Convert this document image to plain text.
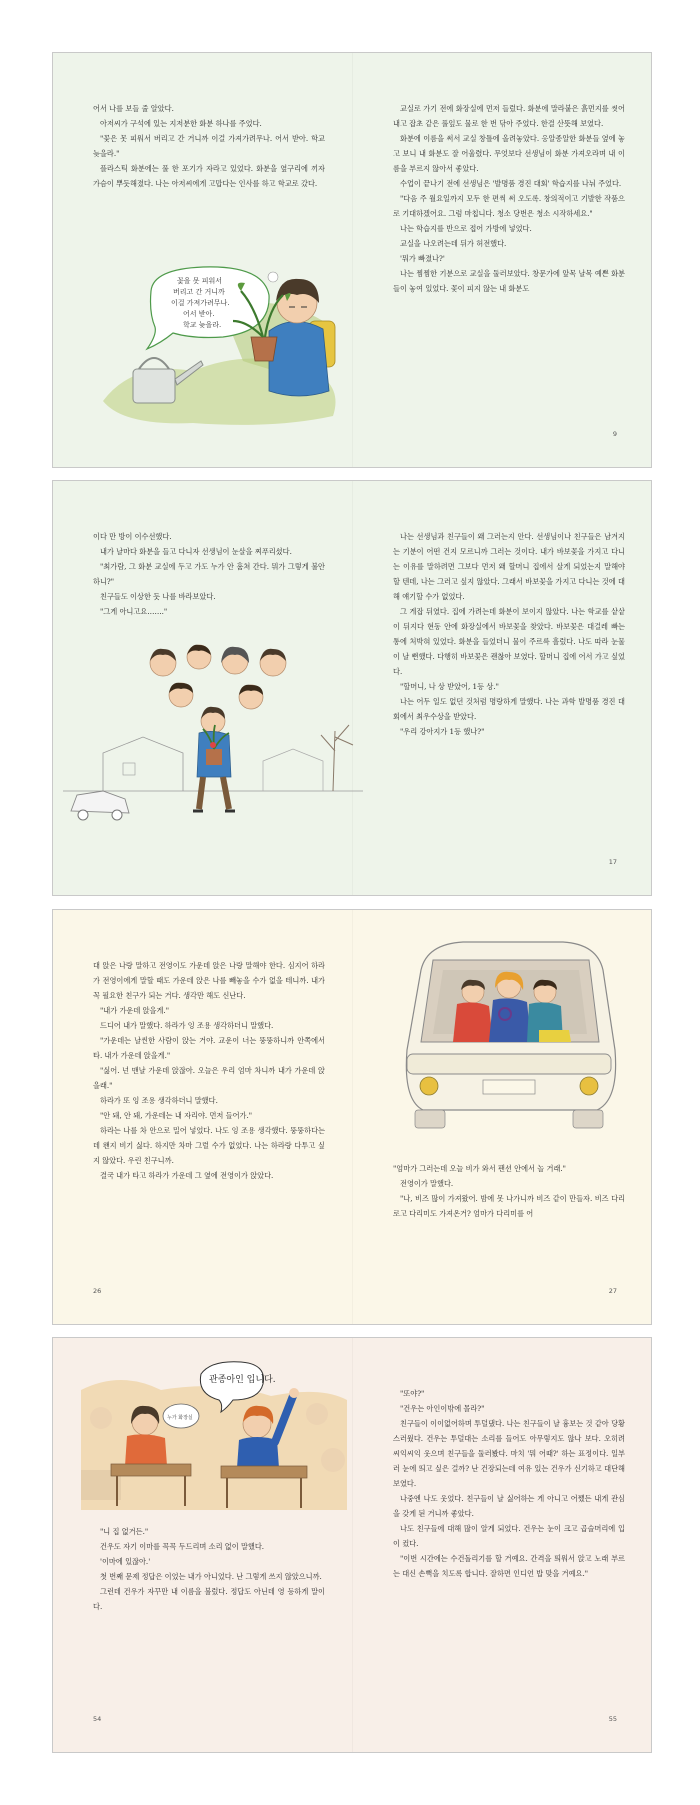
어서 나를 보들 줄 알았다.

아저씨가 구석에 있는 지저분한 화분 하나를 주었다.

"꽃은 못 피워서 버리고 간 거니까 이걸 가져가려무나. 어서 받아. 학교 늦을라."

플라스틱 화분에는 풀 한 포기가 자라고 있었다. 화분을 옆구리에 끼자 가슴이 뿌듯해졌다. 나는 아저씨에게 고맙다는 인사를 하고 학교로 갔다.

꽃을 못 피워서
버리고 간 거니까
이걸 가져가려무나.
어서 받아.
학교 늦을라.

교실로 가기 전에 화장실에 먼저 들렀다. 화분에 말라붙은 흙먼지를 씻어 내고 잡초 같은 풀잎도 물로 한 번 닦아 주었다. 한결 산뜻해 보였다.

화분에 이름을 써서 교실 창틀에 올려놓았다. 옹알종알한 화분들 옆에 놓고 보니 내 화분도 잘 어울렸다. 무엇보다 선생님이 화분 가져오라며 내 이름을 부르지 않아서 좋았다.

수업이 끝나기 전에 선생님은 '발명품 경진 대회' 학습지를 나눠 주었다.

"다음 주 월요일까지 모두 한 편씩 써 오도록. 창의적이고 기발한 작품으로 기대하겠어요. 그럼 마칩니다. 청소 당번은 청소 시작하세요."

나는 학습지를 반으로 접어 가방에 넣었다.

교실을 나오려는데 뒤가 허전했다.

'뭐가 빠졌나?'

나는 찜찜한 기분으로 교실을 둘러보았다. 창문가에 앞목 날목 예쁜 화분들이 놓여 있었다. 꽃이 피지 않는 내 화분도

9

이다 만 방이 이수선했다.

내가 날마다 화분을 들고 다니자 선생님이 눈살을 찌푸리셨다.

"최가람, 그 화분 교실에 두고 가도 누가 안 훔쳐 간다. 뭐가 그렇게 불안하니?"

친구들도 이상한 듯 나를 바라보았다.

"그게 아니고요……."

나는 선생님과 친구들이 왜 그러는지 안다. 선생님이나 친구들은 남겨지는 기분이 어떤 건지 모르니까 그러는 것이다. 내가 바보꽃을 가지고 다니는 이유를 말하려면 그보다 먼저 왜 할머니 집에서 살게 되었는지 말해야 할 텐데, 나는 그러고 싶지 않았다. 그래서 바보꽃을 가지고 다니는 것에 대해 얘기할 수가 없었다.

그 게잡 뒤였다. 집에 가려는데 화분이 보이지 않았다. 나는 학교를 샅샅이 뒤지다 현동 안에 화장실에서 바보꽃을 찾았다. 바보꽃은 대걸레 빠는 통에 처박혀 있었다. 화분을 들었더니 물이 주르륵 흘렀다. 나도 따라 눈물이 날 뻔했다. 다행히 바보꽃은 괜찮아 보였다. 할머니 집에 어서 가고 싶었다.

"할머니, 나 상 받았어, 1등 상."

나는 어두 일도 없던 것처럼 명랑하게 말했다. 나는 과학 발명품 경진 대회에서 최우수상을 받았다.

"우리 강아지가 1등 했나?"

17

대 앉은 나랑 말하고 전영이도 가운데 앉은 나랑 말해야 한다. 심지어 하라가 전영이에게 말할 때도 가운데 앉은 나를 빼놓을 수가 없을 테니까. 내가 꼭 필요한 친구가 되는 거다. 생각만 해도 신난다.

"내가 가운데 앉을게."

드디어 내가 말했다. 하라가 잉 조용 생각하더니 말했다.

"가운데는 날씬한 사람이 앉는 거야. 교운이 너는 뚱뚱하니까 안쪽에서 타. 내가 가운데 앉을게."

"싫어. 넌 맨날 가운데 앉잖아. 오늘은 우리 엄마 차니까 내가 가운데 앉을래."

하라가 또 잉 조용 생각하더니 말했다.

"안 돼, 안 돼, 가운데는 내 자리야. 먼저 들어가."

하라는 나를 차 안으로 밀어 넣었다. 나도 잉 조용 생각했다. 뚱뚱하다는데 왠지 비기 싫다. 하지만 차마 그럴 수가 없었다. 나는 하라랑 다투고 싶지 않았다. 우린 친구니까.

결국 내가 타고 하라가 가운데 그 옆에 전영이가 앉았다.

26

"엄마가 그러는데 오늘 비가 와서 팬션 안에서 놀 거래."

전영이가 말했다.

"나, 비즈 많이 가져왔어. 밤에 못 나가니까 비즈 같이 만들자. 비즈 다리로고 다리미도 가져온거? 엄마가 다리미를 어

27
관종아인 입니다.
누가 화장실

"니 집 없거든."

건우도 자기 이마를 꼭꼭 두드리며 소리 없이 말했다.

'이마에 있잖아.'

첫 번째 문제 정답은 이었는 내가 아니었다. 난 그렇게 쓰지 않았으니까.

그런데 건우가 자꾸만 내 이름을 불렀다. 정답도 아닌데 영 등하게 말이다.

54

"또야?"

"건우는 아인이밖에 몰라?"

친구들이 이이없어하며 투덜댔다. 나는 친구들이 날 흉보는 것 같아 당황스러웠다. 건우는 투덜대는 소리를 들어도 아무렇지도 않나 보다. 오히려 씨익씨익 웃으며 친구들을 둘러봤다. 마치 '뭐 어때?' 하는 표정이다. 일부러 눈에 띄고 싶은 걸까? 난 건장되는데 여유 있는 건우가 신기하고 대단해 보였다.

나중엔 나도 웃었다. 친구들이 날 싫어하는 게 아니고 어쨌든 내게 관심을 갖게 된 거니까 좋았다.

나도 친구들에 대해 많이 알게 되었다. 건우는 눈이 크고 곱슬머리에 입이 컸다.

"이번 시간에는 수건돌리기를 할 거예요. 간격을 띄워서 앉고 노래 부르는 대신 손뼉을 치도록 합니다. 잘하면 인디언 밥 맞을 거예요."

55
